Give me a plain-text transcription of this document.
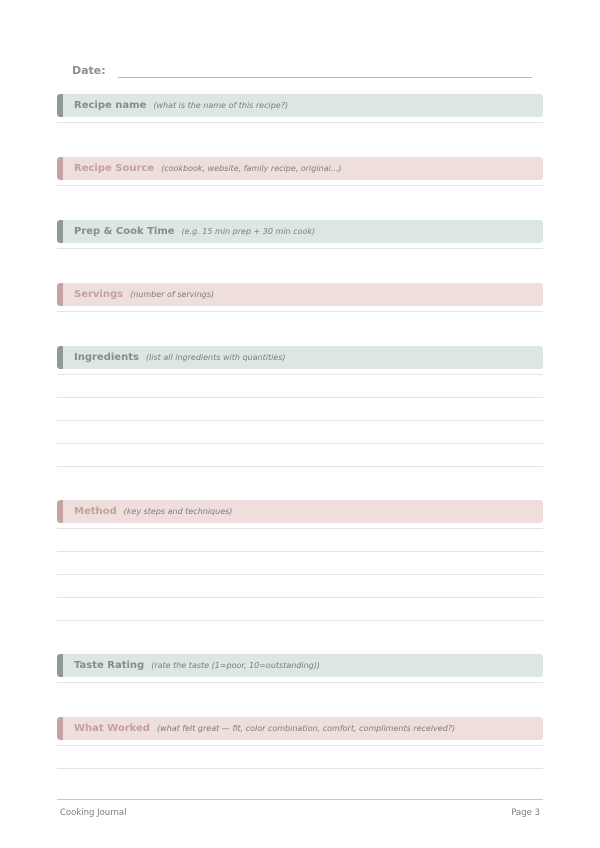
Date:
Recipe name (what is the name of this recipe?)
Recipe Source (cookbook, website, family recipe, original...)
Prep & Cook Time (e.g. 15 min prep + 30 min cook)
Servings (number of servings)
Ingredients (list all ingredients with quantities)
Method (key steps and techniques)
Taste Rating (rate the taste (1=poor, 10=outstanding))
What Worked (what felt great — fit, color combination, comfort, compliments received?)
Cooking Journal	Page 3
